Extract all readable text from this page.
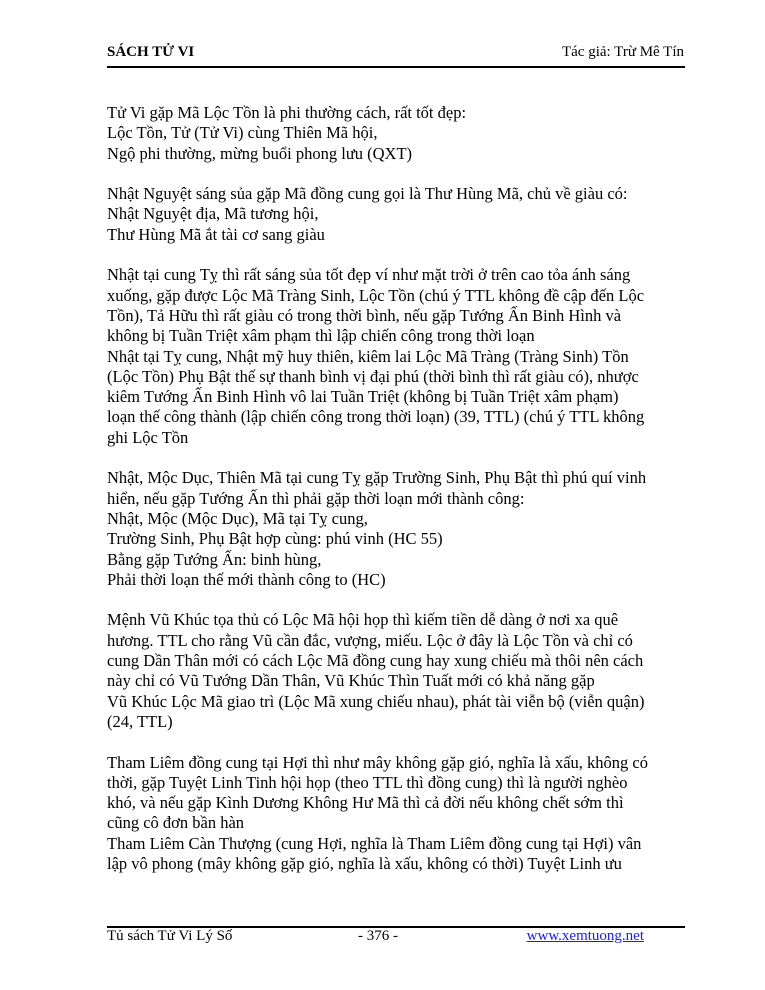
SÁCH TỬ VI	Tác giả: Trừ Mê Tín
Tử Vi gặp Mã Lộc Tồn là phi thường cách, rất tốt đẹp:
Lộc Tồn, Tử (Tử Vi) cùng Thiên Mã hội,
Ngộ phi thường, mừng buổi phong lưu (QXT)
Nhật Nguyệt sáng sủa gặp Mã đồng cung gọi là Thư Hùng Mã, chủ về giàu có:
Nhật Nguyệt địa, Mã tương hội,
Thư Hùng Mã ắt tài cơ sang giàu
Nhật tại cung Tỵ thì rất sáng sủa tốt đẹp ví như mặt trời ở trên cao tỏa ánh sáng
xuống, gặp được Lộc Mã Tràng Sinh, Lộc Tồn (chú ý TTL không đề cập đến Lộc
Tồn), Tả Hữu thì rất giàu có trong thời bình, nếu gặp Tướng Ấn Binh Hình và
không bị Tuần Triệt xâm phạm thì lập chiến công trong thời loạn
Nhật tại Tỵ cung, Nhật mỹ huy thiên, kiêm lai Lộc Mã Tràng (Tràng Sinh) Tồn
(Lộc Tồn) Phụ Bật thế sự thanh bình vị đại phú (thời bình thì rất giàu có), nhược
kiêm Tướng Ấn Binh Hình vô lai Tuần Triệt (không bị Tuần Triệt xâm phạm)
loạn thế công thành (lập chiến công trong thời loạn) (39, TTL) (chú ý TTL không
ghi Lộc Tồn
Nhật, Mộc Dục, Thiên Mã tại cung Tỵ gặp Trường Sinh, Phụ Bật thì phú quí vinh
hiển, nếu gặp Tướng Ấn thì phải gặp thời loạn mới thành công:
Nhật, Mộc (Mộc Dục), Mã tại Tỵ cung,
Trường Sinh, Phụ Bật hợp cùng: phú vinh (HC 55)
Bằng gặp Tướng Ấn: binh hùng,
Phải thời loạn thế mới thành công to (HC)
Mệnh Vũ Khúc tọa thủ có Lộc Mã hội họp thì kiếm tiền dễ dàng ở nơi xa quê
hương. TTL cho rằng Vũ cần đắc, vượng, miếu. Lộc ở đây là Lộc Tồn và chỉ có
cung Dần Thân mới có cách Lộc Mã đồng cung hay xung chiếu mà thôi nên cách
này chỉ có Vũ Tướng Dần Thân, Vũ Khúc Thìn Tuất mới có khả năng gặp
Vũ Khúc Lộc Mã giao trì (Lộc Mã xung chiếu nhau), phát tài viễn bộ (viễn quận)
(24, TTL)
Tham Liêm đồng cung tại Hợi thì như mây không gặp gió, nghĩa là xấu, không có
thời, gặp Tuyệt Linh Tinh hội họp (theo TTL thì đồng cung) thì là người nghèo
khó, và nếu gặp Kình Dương Không Hư Mã thì cả đời nếu không chết sớm thì
cũng cô đơn bần hàn
Tham Liêm Càn Thượng (cung Hợi, nghĩa là Tham Liêm đồng cung tại Hợi) vân
lập vô phong (mây không gặp gió, nghĩa là xấu, không có thời) Tuyệt Linh ưu
Tủ sách Tử Vi Lý Số	- 376 -	www.xemtuong.net
